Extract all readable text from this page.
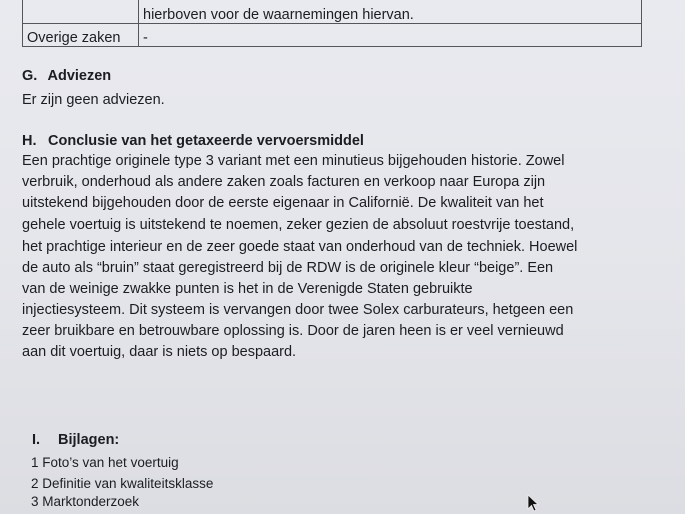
	hierboven voor de waarnemingen hiervan.
Overige zaken	-
G. Adviezen
Er zijn geen adviezen.
H. Conclusie van het getaxeerde vervoersmiddel
Een prachtige originele type 3 variant met een minutieus bijgehouden historie. Zowel
verbruik, onderhoud als andere zaken zoals facturen en verkoop naar Europa zijn
uitstekend bijgehouden door de eerste eigenaar in Californië. De kwaliteit van het
gehele voertuig is uitstekend te noemen, zeker gezien de absoluut roestvrije toestand,
het prachtige interieur en de zeer goede staat van onderhoud van de techniek. Hoewel
de auto als “bruin” staat geregistreerd bij de RDW is de originele kleur “beige”. Een
van de weinige zwakke punten is het in de Verenigde Staten gebruikte
injectiesysteem. Dit systeem is vervangen door twee Solex carburateurs, hetgeen een
zeer bruikbare en betrouwbare oplossing is. Door de jaren heen is er veel vernieuwd
aan dit voertuig, daar is niets op bespaard.
I. Bijlagen:
1 Foto’s van het voertuig
2 Definitie van kwaliteitsklasse
3 Marktonderzoek
